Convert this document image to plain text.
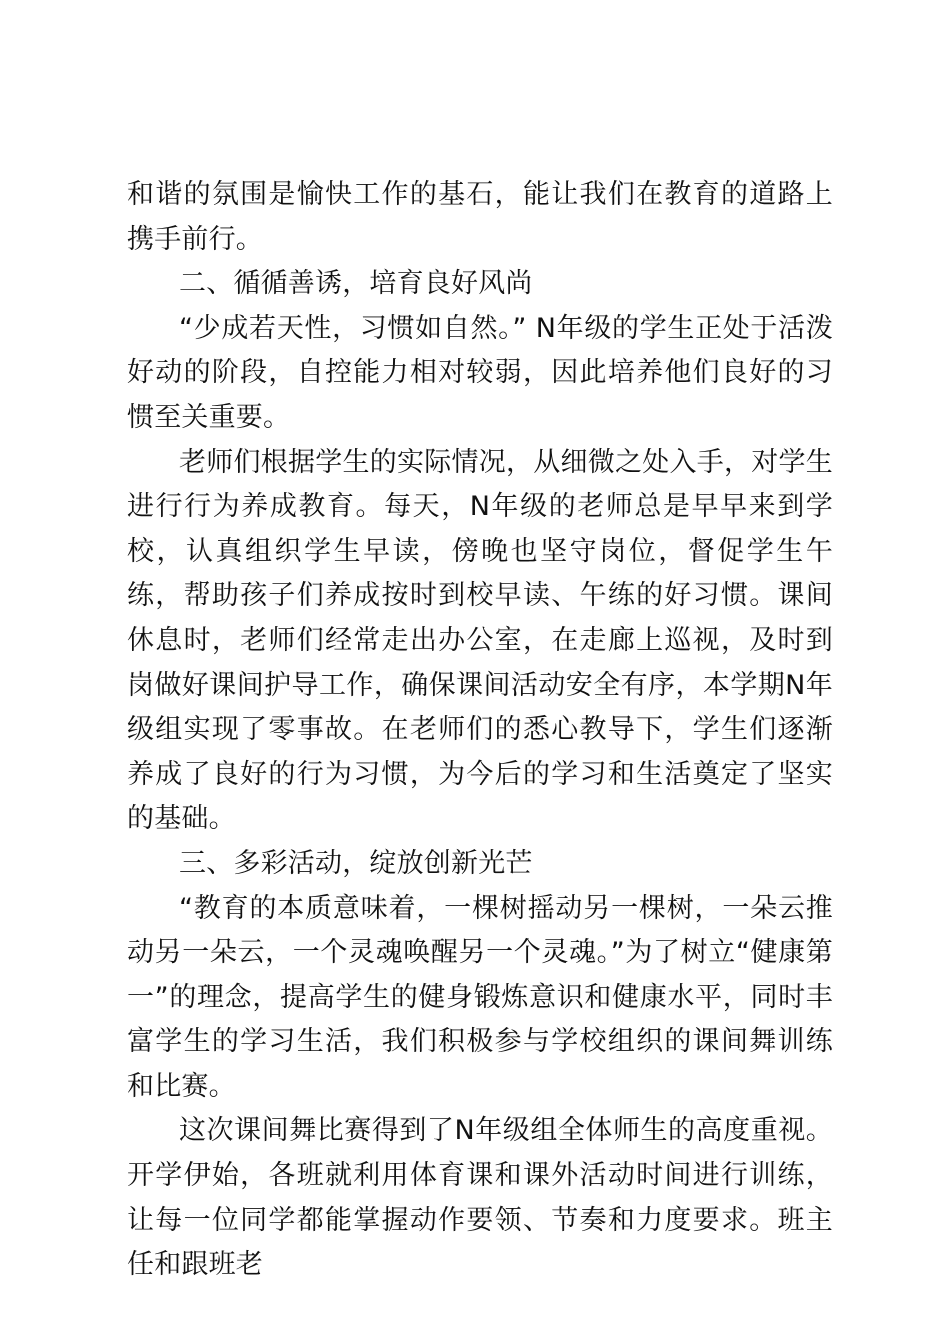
和谐的氛围是愉快工作的基石，能让我们在教育的道路上携手前行。

二、循循善诱，培育良好风尚

“少成若天性，习惯如自然。” N年级的学生正处于活泼好动的阶段，自控能力相对较弱，因此培养他们良好的习惯至关重要。

老师们根据学生的实际情况，从细微之处入手，对学生进行行为养成教育。每天，N年级的老师总是早早来到学校，认真组织学生早读，傍晚也坚守岗位，督促学生午练，帮助孩子们养成按时到校早读、午练的好习惯。课间休息时，老师们经常走出办公室，在走廊上巡视，及时到岗做好课间护导工作，确保课间活动安全有序，本学期N年级组实现了零事故。在老师们的悉心教导下，学生们逐渐养成了良好的行为习惯，为今后的学习和生活奠定了坚实的基础。

三、多彩活动，绽放创新光芒

“教育的本质意味着，一棵树摇动另一棵树，一朵云推动另一朵云，一个灵魂唤醒另一个灵魂。”为了树立“健康第一”的理念，提高学生的健身锻炼意识和健康水平，同时丰富学生的学习生活，我们积极参与学校组织的课间舞训练和比赛。

这次课间舞比赛得到了N年级组全体师生的高度重视。开学伊始，各班就利用体育课和课外活动时间进行训练，让每一位同学都能掌握动作要领、节奏和力度要求。班主任和跟班老
